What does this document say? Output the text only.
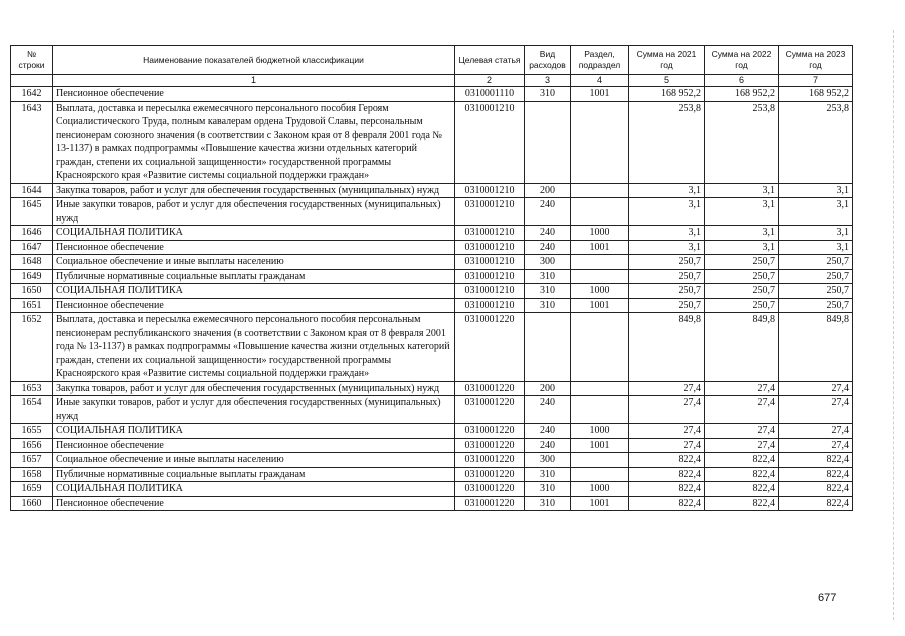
№ строки	Наименование показателей бюджетной классификации	Целевая статья	Вид расходов	Раздел, подраздел	Сумма на 2021 год	Сумма на 2022 год	Сумма на 2023 год
	1	2	3	4	5	6	7
1642	Пенсионное обеспечение	0310001110	310	1001	168 952,2	168 952,2	168 952,2
1643	Выплата, доставка и пересылка ежемесячного персонального пособия Героям Социалистического Труда, полным кавалерам ордена Трудовой Славы, персональным пенсионерам союзного значения (в соответствии с Законом края от 8 февраля 2001 года № 13-1137) в рамках подпрограммы «Повышение качества жизни отдельных категорий граждан, степени их социальной защищенности» государственной программы Красноярского края «Развитие системы социальной поддержки граждан»	0310001210			253,8	253,8	253,8
1644	Закупка товаров, работ и услуг для обеспечения государственных (муниципальных) нужд	0310001210	200		3,1	3,1	3,1
1645	Иные закупки товаров, работ и услуг для обеспечения государственных (муниципальных) нужд	0310001210	240		3,1	3,1	3,1
1646	СОЦИАЛЬНАЯ ПОЛИТИКА	0310001210	240	1000	3,1	3,1	3,1
1647	Пенсионное обеспечение	0310001210	240	1001	3,1	3,1	3,1
1648	Социальное обеспечение и иные выплаты населению	0310001210	300		250,7	250,7	250,7
1649	Публичные нормативные социальные выплаты гражданам	0310001210	310		250,7	250,7	250,7
1650	СОЦИАЛЬНАЯ ПОЛИТИКА	0310001210	310	1000	250,7	250,7	250,7
1651	Пенсионное обеспечение	0310001210	310	1001	250,7	250,7	250,7
1652	Выплата, доставка и пересылка ежемесячного персонального пособия персональным пенсионерам республиканского значения (в соответствии с Законом края от 8 февраля 2001 года № 13-1137) в рамках подпрограммы «Повышение качества жизни отдельных категорий граждан, степени их социальной защищенности» государственной программы Красноярского края «Развитие системы социальной поддержки граждан»	0310001220			849,8	849,8	849,8
1653	Закупка товаров, работ и услуг для обеспечения государственных (муниципальных) нужд	0310001220	200		27,4	27,4	27,4
1654	Иные закупки товаров, работ и услуг для обеспечения государственных (муниципальных) нужд	0310001220	240		27,4	27,4	27,4
1655	СОЦИАЛЬНАЯ ПОЛИТИКА	0310001220	240	1000	27,4	27,4	27,4
1656	Пенсионное обеспечение	0310001220	240	1001	27,4	27,4	27,4
1657	Социальное обеспечение и иные выплаты населению	0310001220	300		822,4	822,4	822,4
1658	Публичные нормативные социальные выплаты гражданам	0310001220	310		822,4	822,4	822,4
1659	СОЦИАЛЬНАЯ ПОЛИТИКА	0310001220	310	1000	822,4	822,4	822,4
1660	Пенсионное обеспечение	0310001220	310	1001	822,4	822,4	822,4
677
